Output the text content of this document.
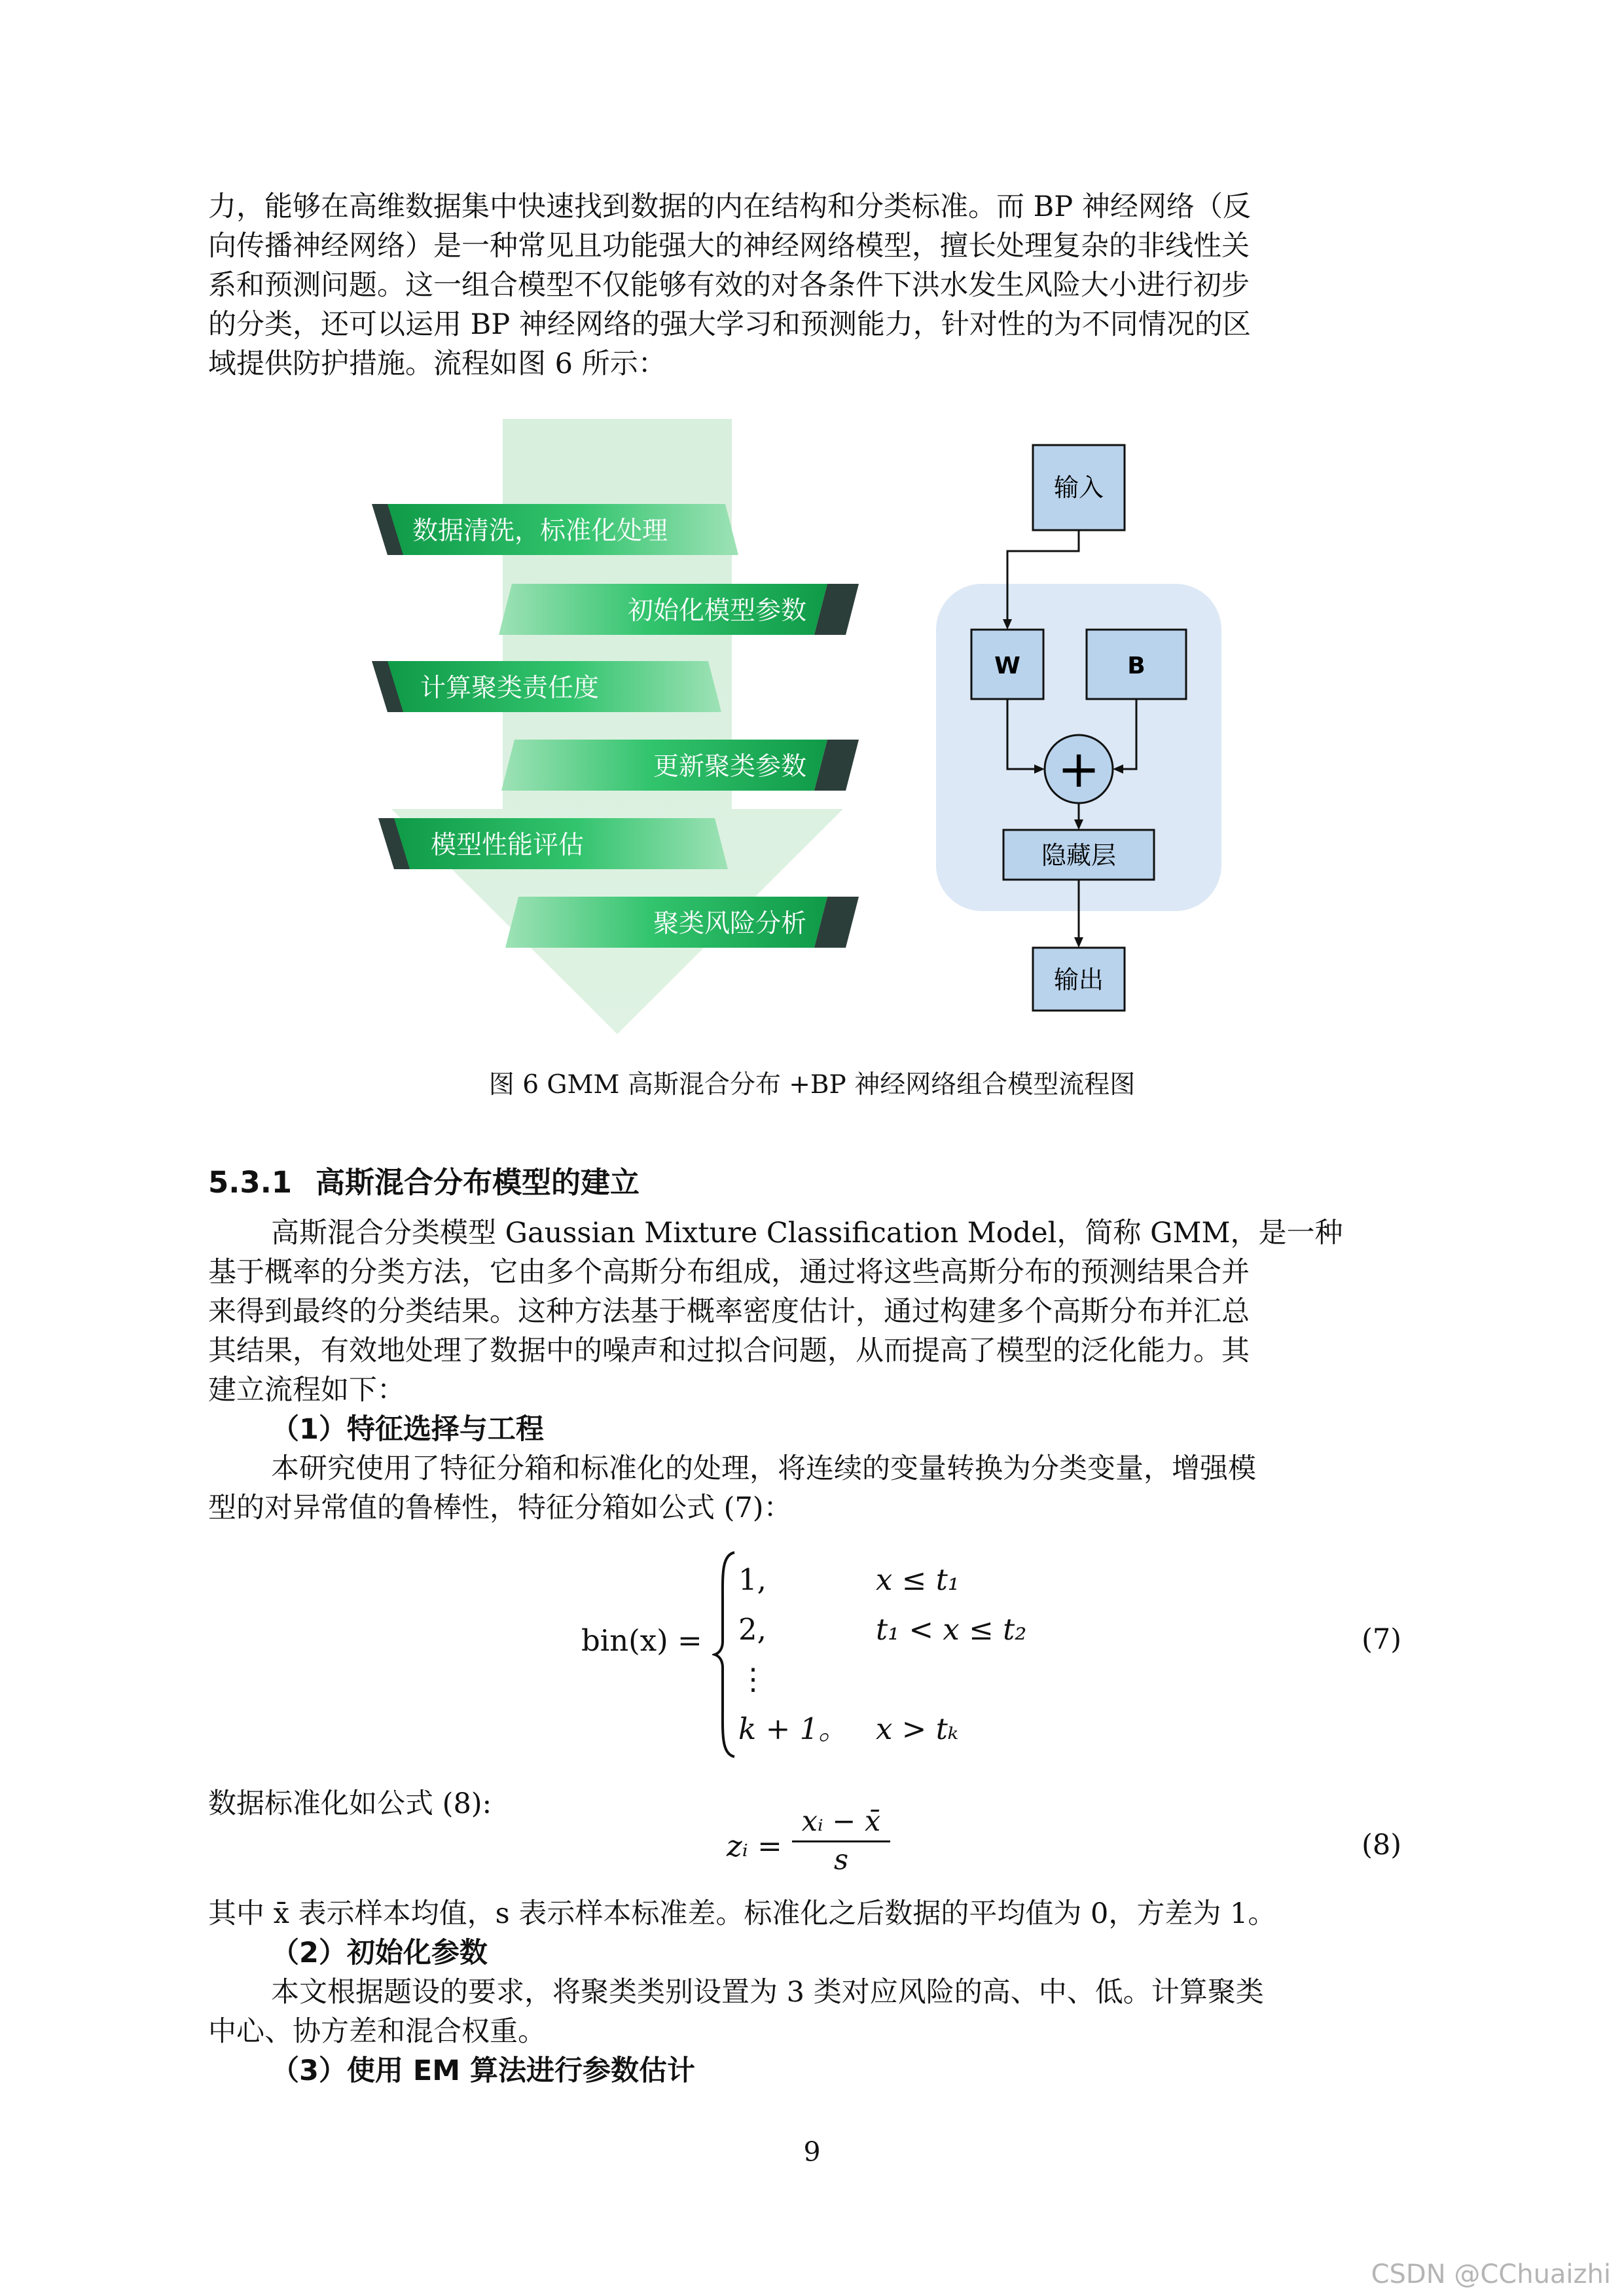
力，能够在高维数据集中快速找到数据的内在结构和分类标准。而 BP 神经网络（反
向传播神经网络）是一种常见且功能强大的神经网络模型，擅长处理复杂的非线性关
系和预测问题。这一组合模型不仅能够有效的对各条件下洪水发生风险大小进行初步
的分类，还可以运用 BP 神经网络的强大学习和预测能力，针对性的为不同情况的区
域提供防护措施。流程如图 6 所示：
数据清洗，标准化处理
初始化模型参数
计算聚类责任度
更新聚类参数
模型性能评估
聚类风险分析
输入
W	B
+
隐藏层
输出
图 6 GMM 高斯混合分布 +BP 神经网络组合模型流程图
5.3.1 高斯混合分布模型的建立
高斯混合分类模型 Gaussian Mixture Classification Model，简称 GMM，是一种
基于概率的分类方法，它由多个高斯分布组成，通过将这些高斯分布的预测结果合并
来得到最终的分类结果。这种方法基于概率密度估计，通过构建多个高斯分布并汇总
其结果，有效地处理了数据中的噪声和过拟合问题，从而提高了模型的泛化能力。其
建立流程如下：
（1）特征选择与工程
本研究使用了特征分箱和标准化的处理，将连续的变量转换为分类变量，增强模
型的对异常值的鲁棒性，特征分箱如公式 (7)：
bin(x) =
1,
2,
⋮
k + 1。
x ≤ t₁
t₁ < x ≤ t₂

x > tₖ
(7)
数据标准化如公式 (8):
zᵢ = $\frac{\text{xᵢ − x̄}}{s}$	(8)
其中 x̄ 表示样本均值，s 表示样本标准差。标准化之后数据的平均值为 0，方差为 1。
（2）初始化参数
本文根据题设的要求，将聚类类别设置为 3 类对应风险的高、中、低。计算聚类
中心、协方差和混合权重。
（3）使用 EM 算法进行参数估计
9
CSDN @CChuaizhi
